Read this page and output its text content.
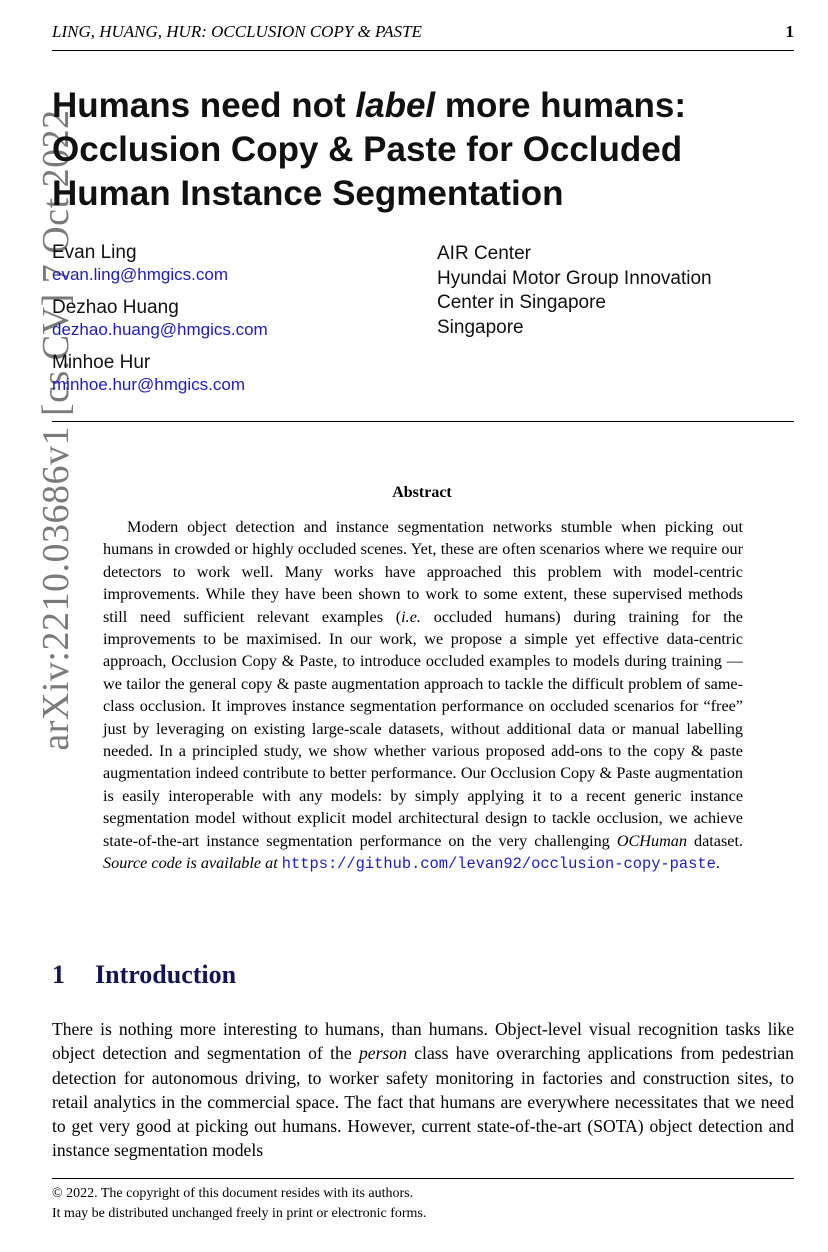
LING, HUANG, HUR: OCCLUSION COPY & PASTE	1
arXiv:2210.03686v1 [cs.CV] 7 Oct 2022
Humans need not label more humans:
Occlusion Copy & Paste for Occluded
Human Instance Segmentation
Evan Ling
evan.ling@hmgics.com
Dezhao Huang
dezhao.huang@hmgics.com
Minhoe Hur
minhoe.hur@hmgics.com
AIR Center
Hyundai Motor Group Innovation
Center in Singapore
Singapore
Abstract
Modern object detection and instance segmentation networks stumble when picking out humans in crowded or highly occluded scenes. Yet, these are often scenarios where we require our detectors to work well. Many works have approached this problem with model-centric improvements. While they have been shown to work to some extent, these supervised methods still need sufficient relevant examples (i.e. occluded humans) during training for the improvements to be maximised. In our work, we propose a simple yet effective data-centric approach, Occlusion Copy & Paste, to introduce occluded examples to models during training — we tailor the general copy & paste augmentation approach to tackle the difficult problem of same-class occlusion. It improves instance segmentation performance on occluded scenarios for “free” just by leveraging on existing large-scale datasets, without additional data or manual labelling needed. In a principled study, we show whether various proposed add-ons to the copy & paste augmentation indeed contribute to better performance. Our Occlusion Copy & Paste augmentation is easily interoperable with any models: by simply applying it to a recent generic instance segmentation model without explicit model architectural design to tackle occlusion, we achieve state-of-the-art instance segmentation performance on the very challenging OCHuman dataset. Source code is available at https://github.com/levan92/occlusion-copy-paste.
1 Introduction
There is nothing more interesting to humans, than humans. Object-level visual recognition tasks like object detection and segmentation of the person class have overarching applications from pedestrian detection for autonomous driving, to worker safety monitoring in factories and construction sites, to retail analytics in the commercial space. The fact that humans are everywhere necessitates that we need to get very good at picking out humans. However, current state-of-the-art (SOTA) object detection and instance segmentation models
© 2022. The copyright of this document resides with its authors.
It may be distributed unchanged freely in print or electronic forms.
